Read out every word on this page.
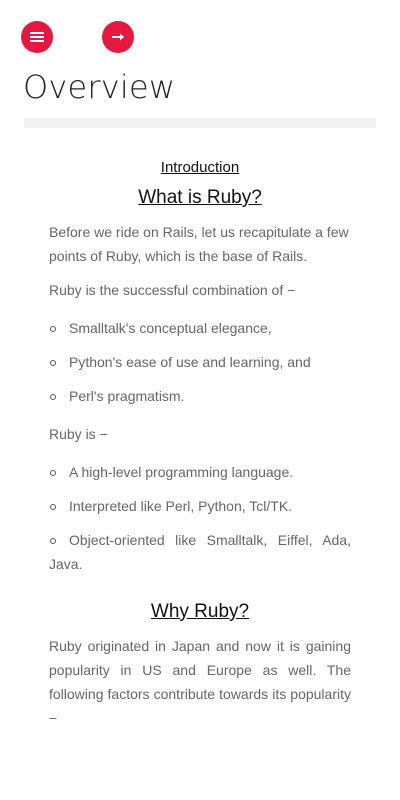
Overview
Introduction
What is Ruby?

Before we ride on Rails, let us recapitulate a few points of Ruby, which is the base of Rails.

Ruby is the successful combination of −

Smalltalk's conceptual elegance,
Python's ease of use and learning, and
Perl's pragmatism.

Ruby is −

A high-level programming language.
Interpreted like Perl, Python, Tcl/TK.
Object-oriented like Smalltalk, Eiffel, Ada, Java.
Why Ruby?

Ruby originated in Japan and now it is gaining popularity in US and Europe as well. The following factors contribute towards its popularity −
